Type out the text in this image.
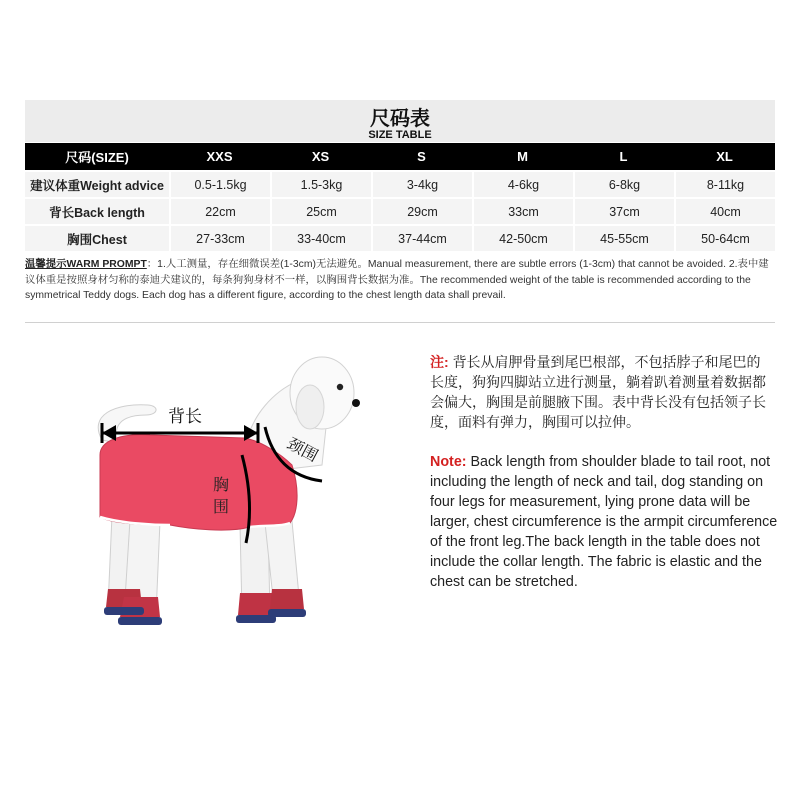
尺码表
SIZE TABLE
尺码(SIZE)	XXS	XS	S	M	L	XL
建议体重Weight advice	0.5-1.5kg	1.5-3kg	3-4kg	4-6kg	6-8kg	8-11kg
背长Back length	22cm	25cm	29cm	33cm	37cm	40cm
胸围Chest	27-33cm	33-40cm	37-44cm	42-50cm	45-55cm	50-64cm
温馨提示WARM PROMPT：1.人工测量，存在细微误差(1-3cm)无法避免。Manual measurement, there are subtle errors (1-3cm) that cannot be avoided. 2.表中建议体重是按照身材匀称的泰迪犬建议的，每条狗狗身材不一样，以胸围背长数据为准。The recommended weight of the table is recommended according to the symmetrical Teddy dogs. Each dog has a different figure, according to the chest length data shall prevail.
背长
颈围
胸
围
注: 背长从肩胛骨量到尾巴根部，不包括脖子和尾巴的长度，狗狗四脚站立进行测量，躺着趴着测量着数据都会偏大，胸围是前腿腋下围。表中背长没有包括领子长度，面料有弹力，胸围可以拉伸。
Note: Back length from shoulder blade to tail root, not including the length of neck and tail, dog standing on four legs for measurement, lying prone data will be larger, chest circumference is the armpit circumference of the front leg.The back length in the table does not include the collar length. The fabric is elastic and the chest can be stretched.
